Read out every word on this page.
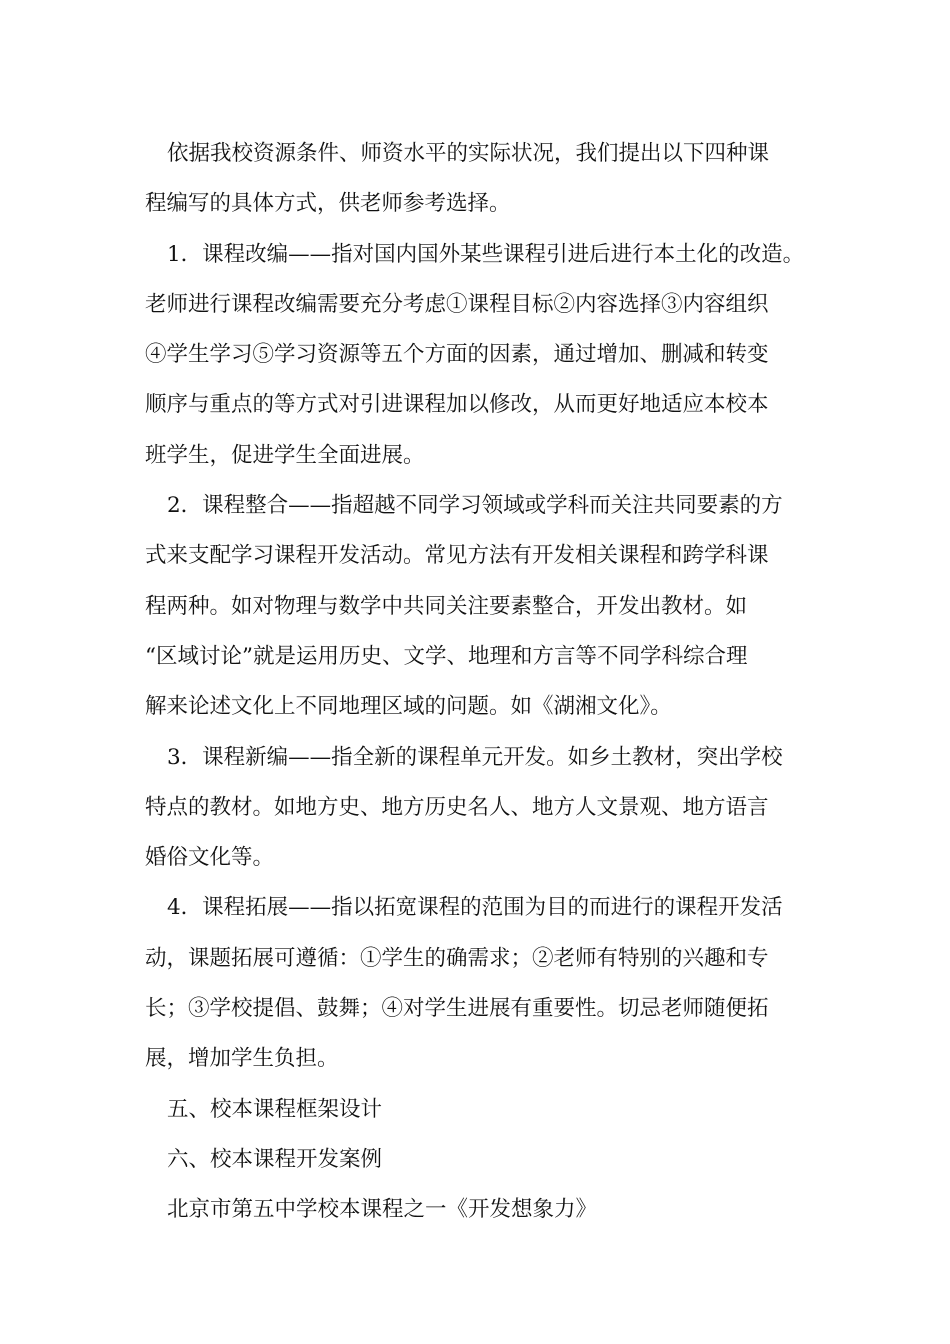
依据我校资源条件、师资水平的实际状况，我们提出以下四种课
程编写的具体方式，供老师参考选择。
1．课程改编——指对国内国外某些课程引进后进行本土化的改造。
老师进行课程改编需要充分考虑①课程目标②内容选择③内容组织
④学生学习⑤学习资源等五个方面的因素，通过增加、删减和转变
顺序与重点的等方式对引进课程加以修改，从而更好地适应本校本
班学生，促进学生全面进展。
2．课程整合——指超越不同学习领域或学科而关注共同要素的方
式来支配学习课程开发活动。常见方法有开发相关课程和跨学科课
程两种。如对物理与数学中共同关注要素整合，开发出教材。如
“区域讨论”就是运用历史、文学、地理和方言等不同学科综合理
解来论述文化上不同地理区域的问题。如《湖湘文化》。
3．课程新编——指全新的课程单元开发。如乡土教材，突出学校
特点的教材。如地方史、地方历史名人、地方人文景观、地方语言
婚俗文化等。
4．课程拓展——指以拓宽课程的范围为目的而进行的课程开发活
动，课题拓展可遵循：①学生的确需求；②老师有特别的兴趣和专
长；③学校提倡、鼓舞；④对学生进展有重要性。切忌老师随便拓
展，增加学生负担。
五、校本课程框架设计
六、校本课程开发案例
北京市第五中学校本课程之一《开发想象力》
